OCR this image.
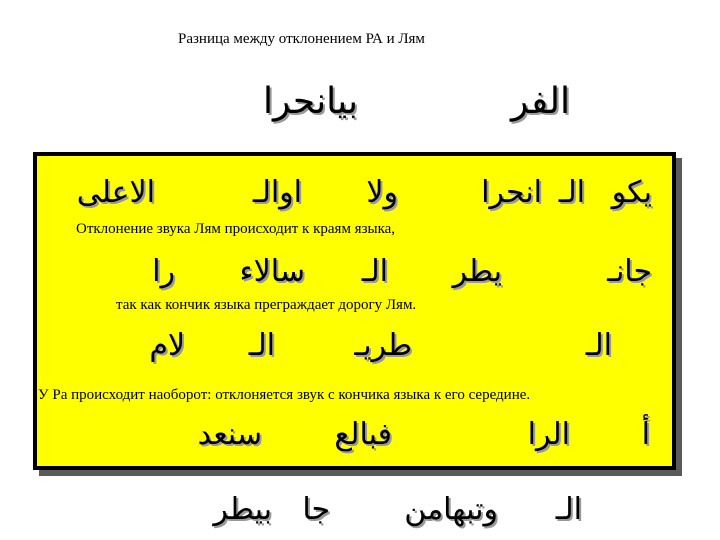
Разница между отклонением РА и Лям
بيانحرا	الفر
يكو
الـ
انحرا
ولا
اوالـ
الاعلى
Отклонение звука Лям происходит к краям языка,
جانـ
يطر
الـ
سالاء
را
так как кончик языка преграждает дорогу Лям.
الـ
طريـ
الـ
لام
У Ра происходит наоборот: отклоняется звук с кончика языка к его середине.
أ
الرا
فبالع
سنعد
الـ
وتبهامن
جا
بيطر
